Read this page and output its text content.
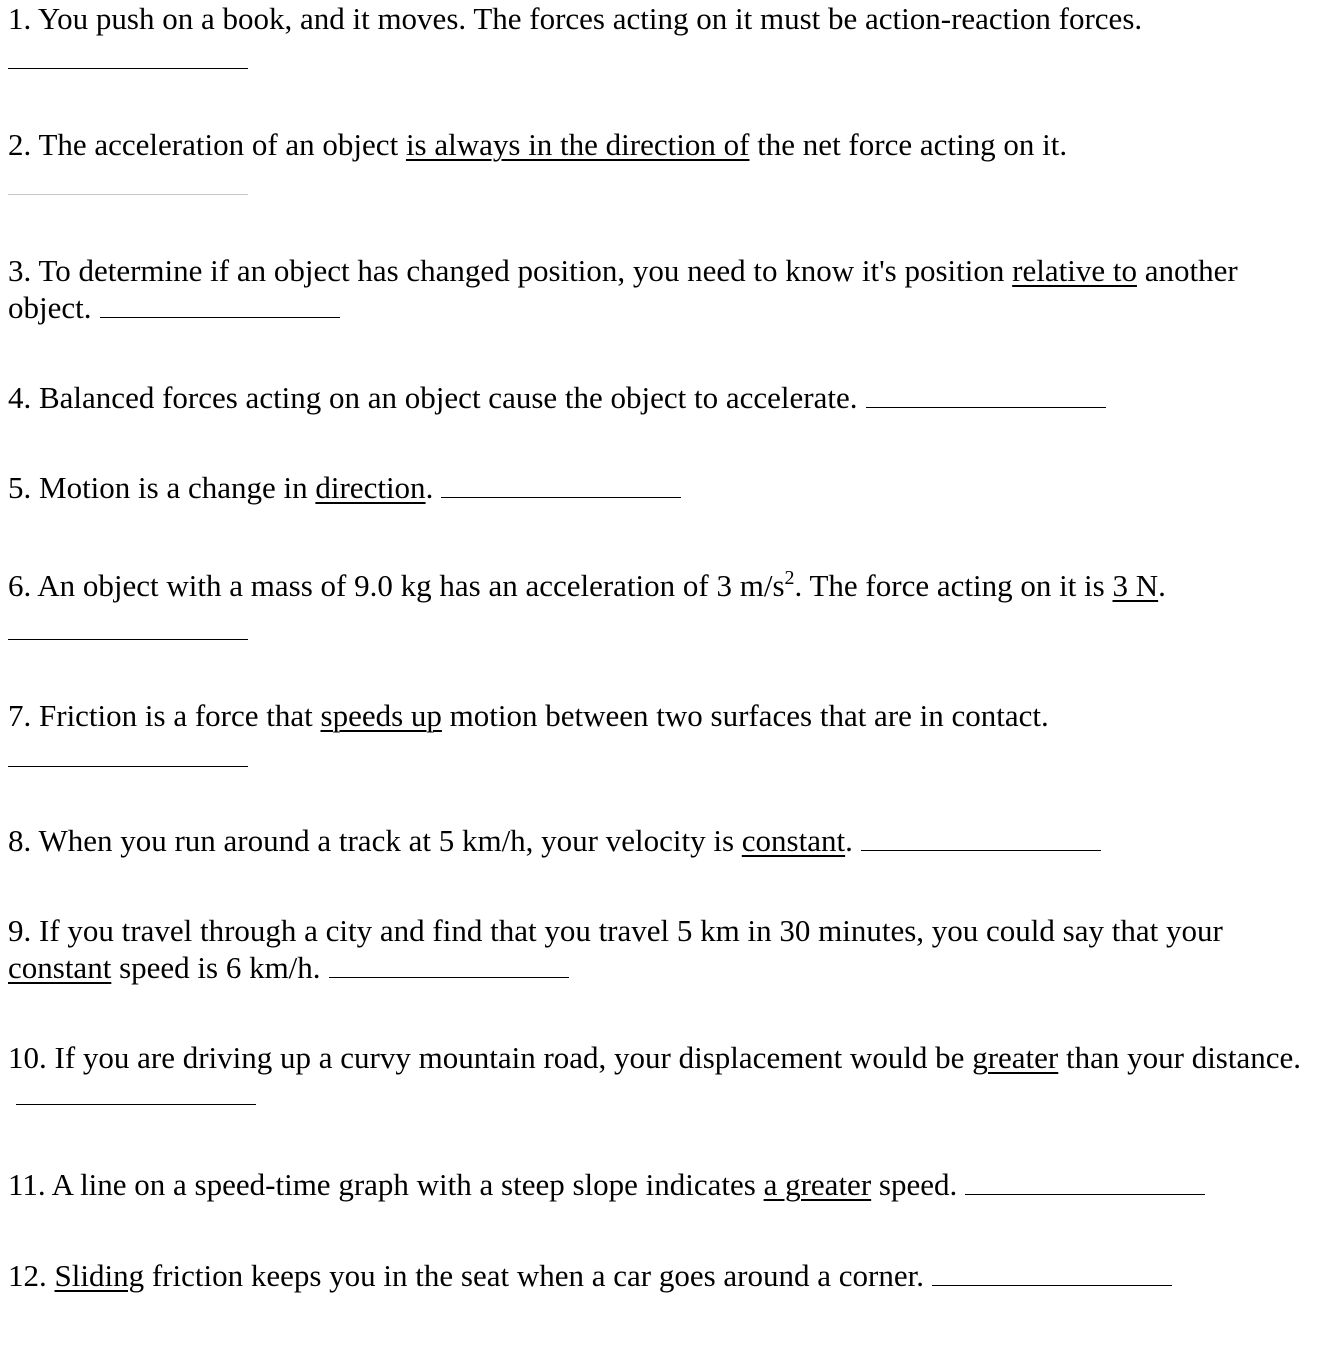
1. You push on a book, and it moves. The forces acting on it must be action-reaction forces.

2. The acceleration of an object is always in the direction of the net force acting on it.

3. To determine if an object has changed position, you need to know it's position relative to another object.

4. Balanced forces acting on an object cause the object to accelerate.

5. Motion is a change in direction.

6. An object with a mass of 9.0 kg has an acceleration of 3 $m/s^2$. The force acting on it is 3 N.

7. Friction is a force that speeds up motion between two surfaces that are in contact.

8. When you run around a track at 5 km/h, your velocity is constant.

9. If you travel through a city and find that you travel 5 km in 30 minutes, you could say that your constant speed is 6 km/h.

10. If you are driving up a curvy mountain road, your displacement would be greater than your distance.

11. A line on a speed-time graph with a steep slope indicates a greater speed.

12. Sliding friction keeps you in the seat when a car goes around a corner.
